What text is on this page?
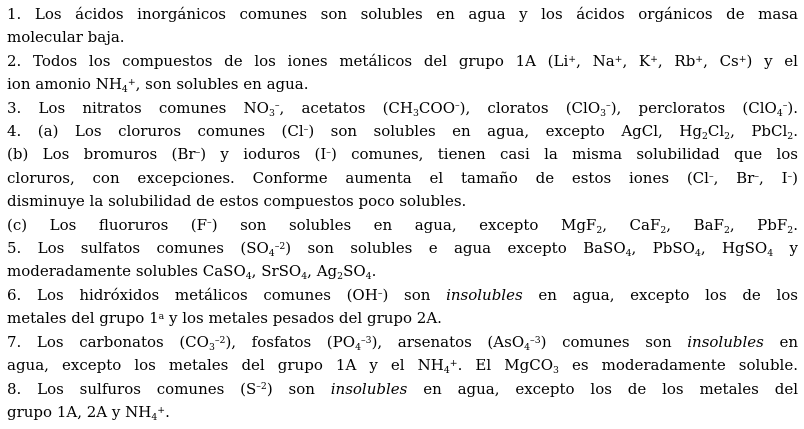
1. Los ácidos inorgánicos comunes son solubles en agua y los ácidos orgánicos de masa
molecular baja.
2. Todos los compuestos de los iones metálicos del grupo 1A (Li+, Na+, K+, Rb+, Cs+) y el
ion amonio $NH_4^+$, son solubles en agua.
3. Los nitratos comunes $NO_3^-$, acetatos $(CH_3COO^-)$, cloratos (ClO$_3$–), percloratos (ClO$_4$–).
4. (a) Los cloruros comunes (Cl–) son solubles en agua, excepto AgCl, $Hg_2Cl_2$, PbCl$_2$.
(b) Los bromuros (Br–) y ioduros (I–) comunes, tienen casi la misma solubilidad que los
cloruros, con excepciones. Conforme aumenta el tamaño de estos iones (Cl–, Br–, I–)
disminuye la solubilidad de estos compuestos poco solubles.
(c) Los fluoruros (F–) son solubles en agua, excepto MgF$_2$, CaF$_2$, BaF$_2$, PbF$_2$.
5. Los sulfatos comunes $(SO_4^{-2})$ son solubles e agua excepto BaSO$_4$, PbSO$_4$, HgSO$_4$ y
moderadamente solubles CaSO$_4$, SrSO$_4$, $Ag_2SO_4$.
6. Los hidróxidos metálicos comunes (OH–) son insolubles en agua, excepto los de los
metales del grupo 1$^a$ y los metales pesados del grupo 2A.
7. Los carbonatos $(CO_3^{-2})$, fosfatos $(PO_4^{-3})$, arsenatos (AsO$_4^{-3}$) comunes son insolubles en
agua, excepto los metales del grupo 1A y el $NH_4^+$. El MgCO$_3$ es moderadamente soluble.
8. Los sulfuros comunes $(S^{-2})$ son insolubles en agua, excepto los de los metales del
grupo 1A, 2A y $NH_4^+$.
